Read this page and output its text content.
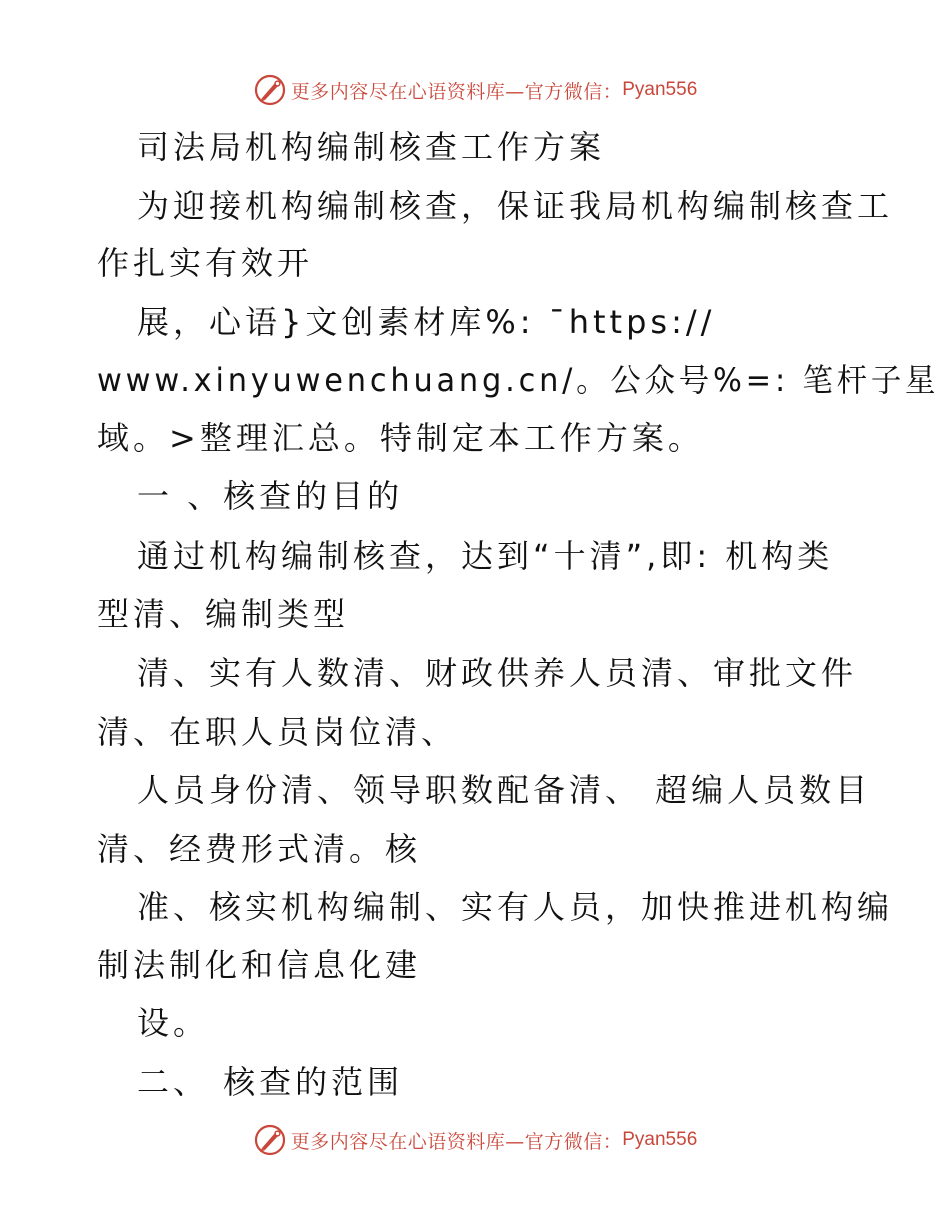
更多内容尽在心语资料库—官方微信： Pyan556
司法局机构编制核查工作方案
为迎接机构编制核查，保证我局机构编制核查工
作扎实有效开
展，心语}文创素材库%: ¯https://
www.xinyuwenchuang.cn/。公众号%=: 笔杆子星
域。>整理汇总。特制定本工作方案。
一 、核查的目的
通过机构编制核查，达到“十清”,即: 机构类
型清、编制类型
清、实有人数清、财政供养人员清、审批文件
清、在职人员岗位清、
人员身份清、领导职数配备清、 超编人员数目
清、经费形式清。核
准、核实机构编制、实有人员，加快推进机构编
制法制化和信息化建
设。
二、 核查的范围
更多内容尽在心语资料库—官方微信： Pyan556
